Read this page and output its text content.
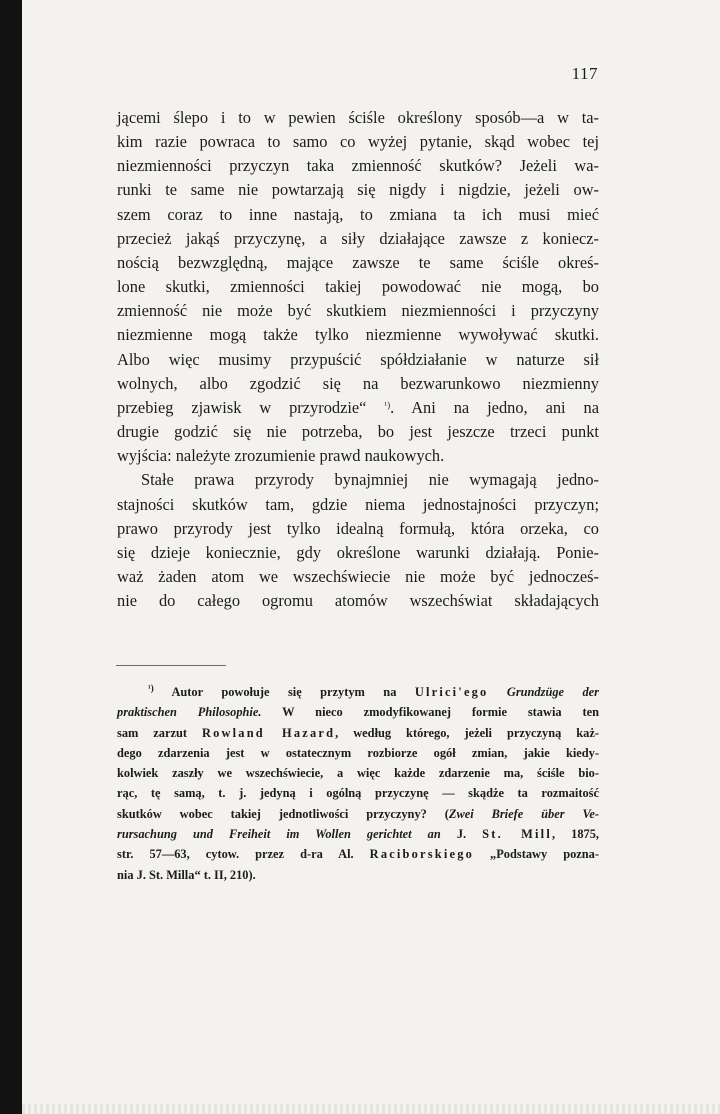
117
jącemi ślepo i to w pewien ściśle określony sposób—a w ta-
kim razie powraca to samo co wyżej pytanie, skąd wobec tej
niezmienności przyczyn taka zmienność skutków? Jeżeli wa-
runki te same nie powtarzają się nigdy i nigdzie, jeżeli ow-
szem coraz to inne nastają, to zmiana ta ich musi mieć
przecież jakąś przyczynę, a siły działające zawsze z koniecz-
nością bezwzględną, mające zawsze te same ściśle okreś-
lone skutki, zmienności takiej powodować nie mogą, bo
zmienność nie może być skutkiem niezmienności i przyczyny
niezmienne mogą także tylko niezmienne wywoływać skutki.
Albo więc musimy przypuścić spółdziałanie w naturze sił
wolnych, albo zgodzić się na bezwarunkowo niezmienny
przebieg zjawisk w przyrodzie“ $^{^1)}$. Ani na jedno, ani na
drugie godzić się nie potrzeba, bo jest jeszcze trzeci punkt
wyjścia: należyte zrozumienie prawd naukowych.
Stałe prawa przyrody bynajmniej nie wymagają jedno-
stajności skutków tam, gdzie niema jednostajności przyczyn;
prawo przyrody jest tylko idealną formułą, która orzeka, co
się dzieje koniecznie, gdy określone warunki działają. Ponie-
waż żaden atom we wszechświecie nie może być jednocześ-
nie do całego ogromu atomów wszechświat składających
$^{^1)}$ Autor powołuje się przytym na Ulrici'ego Grundzüge der
praktischen Philosophie. W nieco zmodyfikowanej formie stawia ten
sam zarzut Rowland Hazard, według którego, jeżeli przyczyną każ-
dego zdarzenia jest w ostatecznym rozbiorze ogół zmian, jakie kiedy-
kolwiek zaszły we wszechświecie, a więc każde zdarzenie ma, ściśle bio-
rąc, tę samą, t. j. jedyną i ogólną przyczynę — skądże ta rozmaitość
skutków wobec takiej jednotliwości przyczyny? (Zwei Briefe über Ve-
rursachung und Freiheit im Wollen gerichtet an J. St. Mill, 1875,
str. 57—63, cytow. przez d-ra Al. Raciborskiego „Podstawy pozna-
nia J. St. Milla“ t. II, 210).
